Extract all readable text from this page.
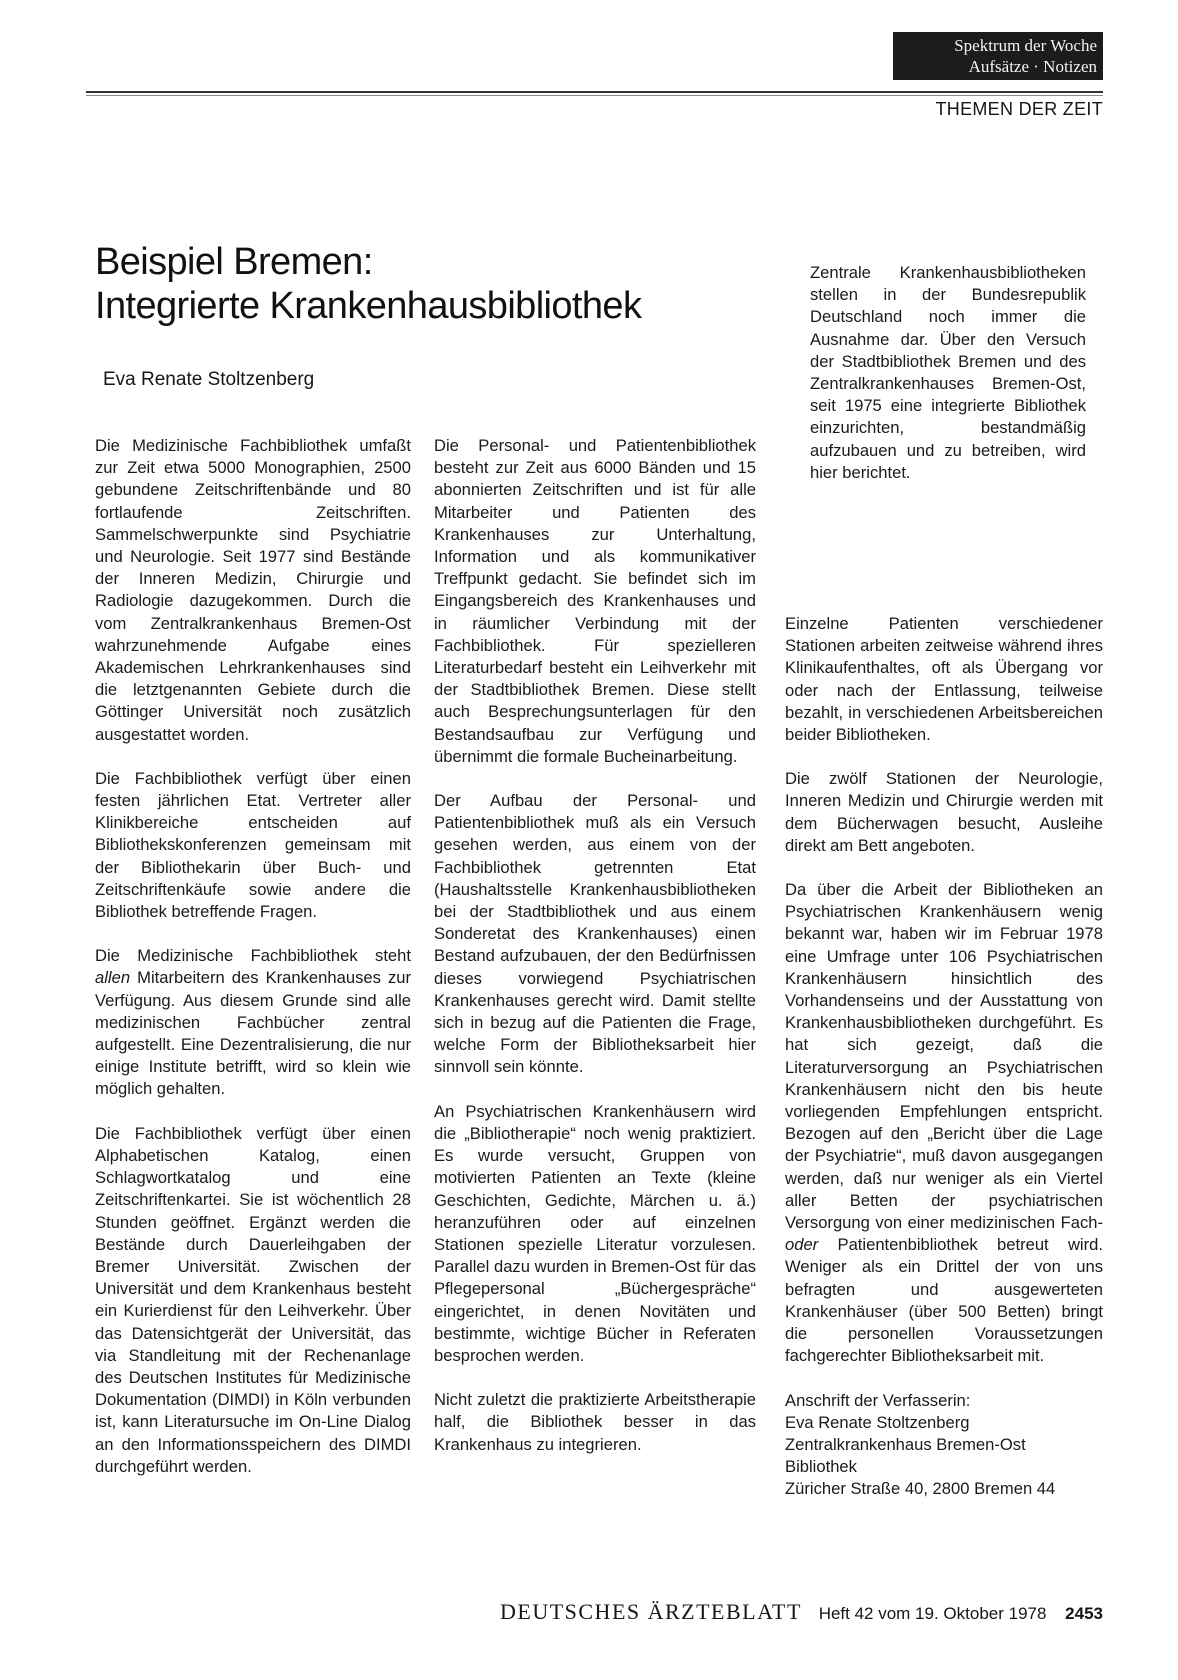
Spektrum der Woche
Aufsätze · Notizen
THEMEN DER ZEIT
Beispiel Bremen:
Integrierte Krankenhausbibliothek
Eva Renate Stoltzenberg

Zentrale Krankenhausbibliotheken stellen in der Bundesrepublik Deutschland noch immer die Ausnahme dar. Über den Versuch der Stadtbibliothek Bremen und des Zentralkrankenhauses Bremen-Ost, seit 1975 eine integrierte Bibliothek einzurichten, bestandmäßig aufzubauen und zu betreiben, wird hier berichtet.

Die Medizinische Fachbibliothek umfaßt zur Zeit etwa 5000 Monographien, 2500 gebundene Zeitschriftenbände und 80 fortlaufende Zeitschriften. Sammelschwerpunkte sind Psychiatrie und Neurologie. Seit 1977 sind Bestände der Inneren Medizin, Chirurgie und Radiologie dazugekommen. Durch die vom Zentralkrankenhaus Bremen-Ost wahrzunehmende Aufgabe eines Akademischen Lehrkrankenhauses sind die letztgenannten Gebiete durch die Göttinger Universität noch zusätzlich ausgestattet worden.

Die Fachbibliothek verfügt über einen festen jährlichen Etat. Vertreter aller Klinikbereiche entscheiden auf Bibliothekskonferenzen gemeinsam mit der Bibliothekarin über Buch- und Zeitschriftenkäufe sowie andere die Bibliothek betreffende Fragen.

Die Medizinische Fachbibliothek steht allen Mitarbeitern des Krankenhauses zur Verfügung. Aus diesem Grunde sind alle medizinischen Fachbücher zentral aufgestellt. Eine Dezentralisierung, die nur einige Institute betrifft, wird so klein wie möglich gehalten.

Die Fachbibliothek verfügt über einen Alphabetischen Katalog, einen Schlagwortkatalog und eine Zeitschriftenkartei. Sie ist wöchentlich 28 Stunden geöffnet. Ergänzt werden die Bestände durch Dauerleihgaben der Bremer Universität. Zwischen der Universität und dem Krankenhaus besteht ein Kurierdienst für den Leihverkehr. Über das Datensichtgerät der Universität, das via Standleitung mit der Rechenanlage des Deutschen Institutes für Medizinische Dokumentation (DIMDI) in Köln verbunden ist, kann Literatursuche im On-Line Dialog an den Informationsspeichern des DIMDI durchgeführt werden.

Die Personal- und Patientenbibliothek besteht zur Zeit aus 6000 Bänden und 15 abonnierten Zeitschriften und ist für alle Mitarbeiter und Patienten des Krankenhauses zur Unterhaltung, Information und als kommunikativer Treffpunkt gedacht. Sie befindet sich im Eingangsbereich des Krankenhauses und in räumlicher Verbindung mit der Fachbibliothek. Für spezielleren Literaturbedarf besteht ein Leihverkehr mit der Stadtbibliothek Bremen. Diese stellt auch Besprechungsunterlagen für den Bestandsaufbau zur Verfügung und übernimmt die formale Bucheinarbeitung.

Der Aufbau der Personal- und Patientenbibliothek muß als ein Versuch gesehen werden, aus einem von der Fachbibliothek getrennten Etat (Haushaltsstelle Krankenhausbibliotheken bei der Stadtbibliothek und aus einem Sonderetat des Krankenhauses) einen Bestand aufzubauen, der den Bedürfnissen dieses vorwiegend Psychiatrischen Krankenhauses gerecht wird. Damit stellte sich in bezug auf die Patienten die Frage, welche Form der Bibliotheksarbeit hier sinnvoll sein könnte.

An Psychiatrischen Krankenhäusern wird die „Bibliotherapie“ noch wenig praktiziert. Es wurde versucht, Gruppen von motivierten Patienten an Texte (kleine Geschichten, Gedichte, Märchen u. ä.) heranzuführen oder auf einzelnen Stationen spezielle Literatur vorzulesen. Parallel dazu wurden in Bremen-Ost für das Pflegepersonal „Büchergespräche“ eingerichtet, in denen Novitäten und bestimmte, wichtige Bücher in Referaten besprochen werden.

Nicht zuletzt die praktizierte Arbeitstherapie half, die Bibliothek besser in das Krankenhaus zu integrieren.

Einzelne Patienten verschiedener Stationen arbeiten zeitweise während ihres Klinikaufenthaltes, oft als Übergang vor oder nach der Entlassung, teilweise bezahlt, in verschiedenen Arbeitsbereichen beider Bibliotheken.

Die zwölf Stationen der Neurologie, Inneren Medizin und Chirurgie werden mit dem Bücherwagen besucht, Ausleihe direkt am Bett angeboten.

Da über die Arbeit der Bibliotheken an Psychiatrischen Krankenhäusern wenig bekannt war, haben wir im Februar 1978 eine Umfrage unter 106 Psychiatrischen Krankenhäusern hinsichtlich des Vorhandenseins und der Ausstattung von Krankenhausbibliotheken durchgeführt. Es hat sich gezeigt, daß die Literaturversorgung an Psychiatrischen Krankenhäusern nicht den bis heute vorliegenden Empfehlungen entspricht. Bezogen auf den „Bericht über die Lage der Psychiatrie“, muß davon ausgegangen werden, daß nur weniger als ein Viertel aller Betten der psychiatrischen Versorgung von einer medizinischen Fach- oder Patientenbibliothek betreut wird. Weniger als ein Drittel der von uns befragten und ausgewerteten Krankenhäuser (über 500 Betten) bringt die personellen Voraussetzungen fachgerechter Bibliotheksarbeit mit.

Anschrift der Verfasserin:
Eva Renate Stoltzenberg
Zentralkrankenhaus Bremen-Ost
Bibliothek
Züricher Straße 40, 2800 Bremen 44
DEUTSCHES ÄRZTEBLATT Heft 42 vom 19. Oktober 1978 2453
